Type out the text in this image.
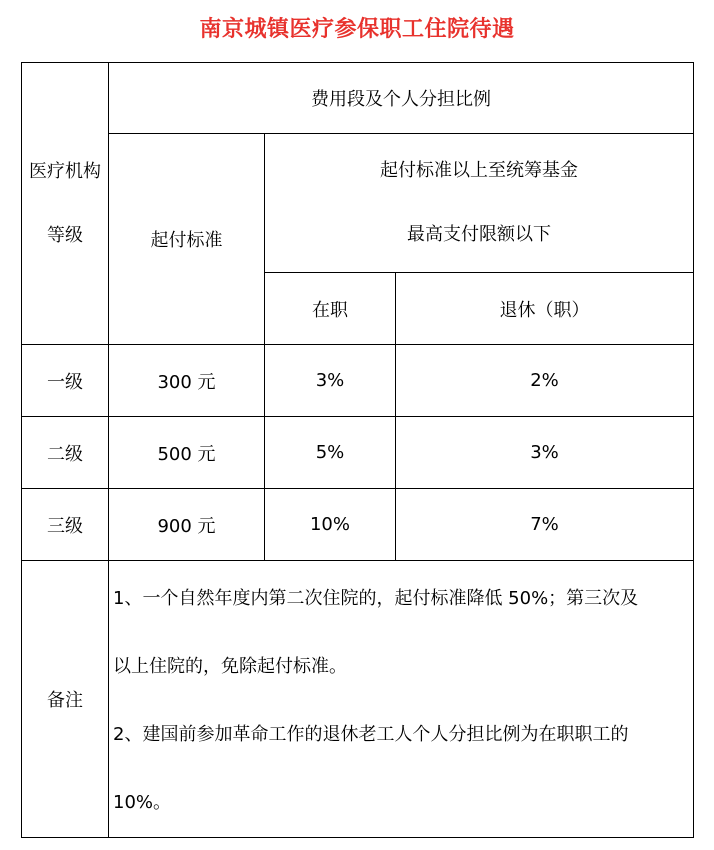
南京城镇医疗参保职工住院待遇
医疗机构
等级	费用段及个人分担比例		
	起付标准	起付标准以上至统筹基金
最高支付限额以下	

		在职	退休（职）
一级	300 元	3%	2%
二级	500 元	5%	3%
三级	900 元	10%	7%
备注	1、一个自然年度内第二次住院的，起付标准降低 50%；第三次及
以上住院的，免除起付标准。
2、建国前参加革命工作的退休老工人个人分担比例为在职职工的
10%。		
